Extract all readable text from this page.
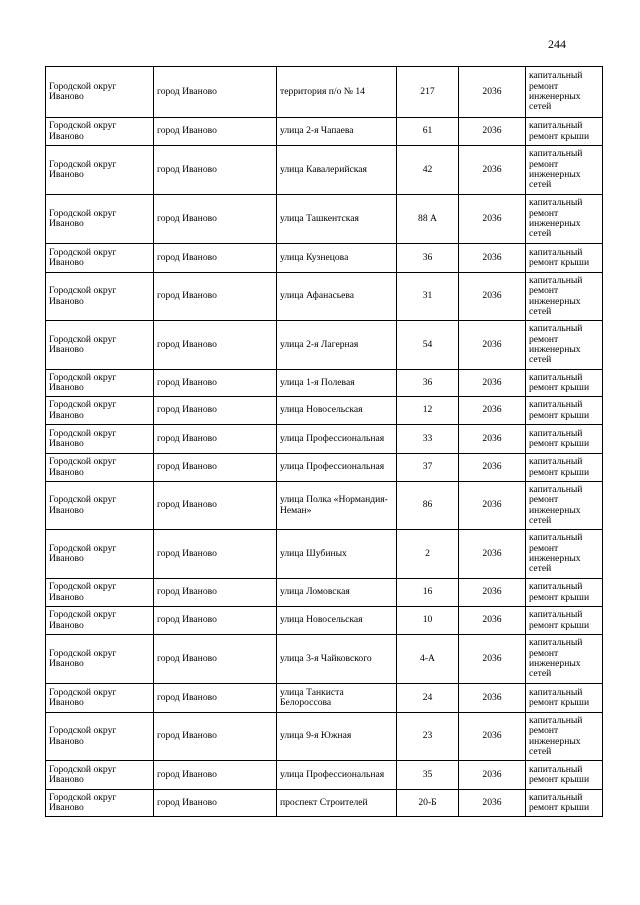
244
Городской округ Иваново	город Иваново	территория п/о № 14	217	2036	капитальный ремонт инженерных сетей
Городской округ Иваново	город Иваново	улица 2-я Чапаева	61	2036	капитальный ремонт крыши
Городской округ Иваново	город Иваново	улица Кавалерийская	42	2036	капитальный ремонт инженерных сетей
Городской округ Иваново	город Иваново	улица Ташкентская	88 А	2036	капитальный ремонт инженерных сетей
Городской округ Иваново	город Иваново	улица Кузнецова	36	2036	капитальный ремонт крыши
Городской округ Иваново	город Иваново	улица Афанасьева	31	2036	капитальный ремонт инженерных сетей
Городской округ Иваново	город Иваново	улица 2-я Лагерная	54	2036	капитальный ремонт инженерных сетей
Городской округ Иваново	город Иваново	улица 1-я Полевая	36	2036	капитальный ремонт крыши
Городской округ Иваново	город Иваново	улица Новосельская	12	2036	капитальный ремонт крыши
Городской округ Иваново	город Иваново	улица Профессиональная	33	2036	капитальный ремонт крыши
Городской округ Иваново	город Иваново	улица Профессиональная	37	2036	капитальный ремонт крыши
Городской округ Иваново	город Иваново	улица Полка «Нормандия-Неман»	86	2036	капитальный ремонт инженерных сетей
Городской округ Иваново	город Иваново	улица Шубиных	2	2036	капитальный ремонт инженерных сетей
Городской округ Иваново	город Иваново	улица Ломовская	16	2036	капитальный ремонт крыши
Городской округ Иваново	город Иваново	улица Новосельская	10	2036	капитальный ремонт крыши
Городской округ Иваново	город Иваново	улица 3-я Чайковского	4-А	2036	капитальный ремонт инженерных сетей
Городской округ Иваново	город Иваново	улица Танкиста Белороссова	24	2036	капитальный ремонт крыши
Городской округ Иваново	город Иваново	улица 9-я Южная	23	2036	капитальный ремонт инженерных сетей
Городской округ Иваново	город Иваново	улица Профессиональная	35	2036	капитальный ремонт крыши
Городской округ Иваново	город Иваново	проспект Строителей	20-Б	2036	капитальный ремонт крыши
